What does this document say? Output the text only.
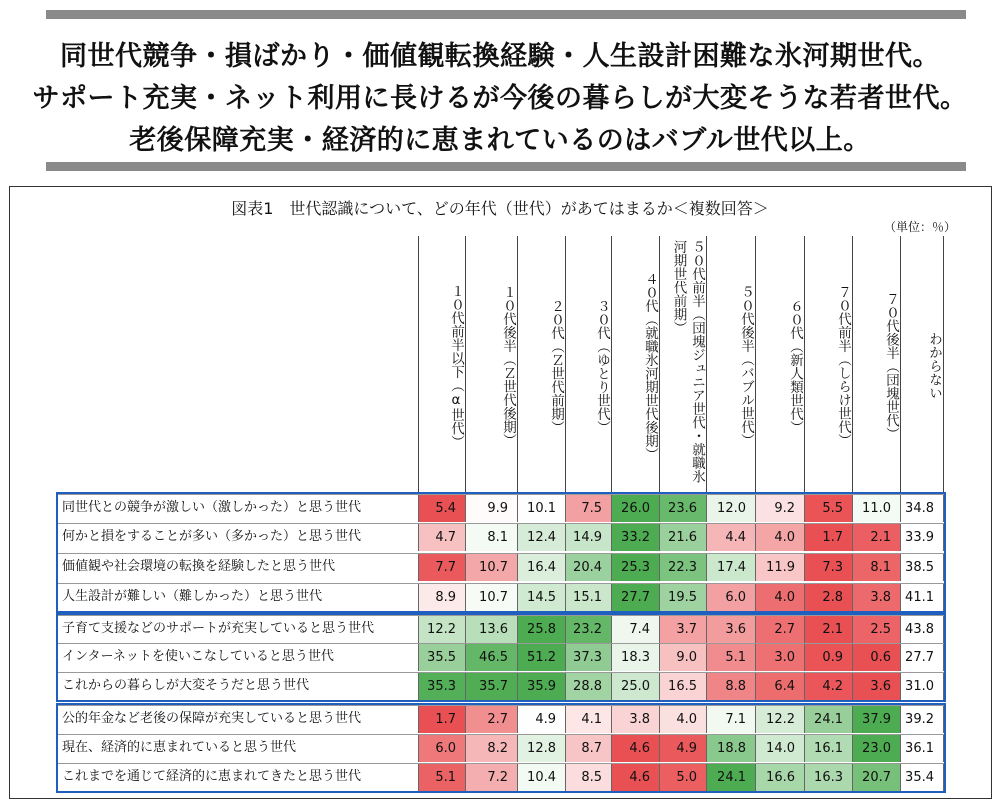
同世代競争・損ばかり・価値観転換経験・人生設計困難な氷河期世代。
サポート充実・ネット利用に長けるが今後の暮らしが大変そうな若者世代。
老後保障充実・経済的に恵まれているのはバブル世代以上。
図表1　世代認識について、どの年代（世代）があてはまるか＜複数回答＞
（単位：％）
１０代前半以下（α世代）	１０代後半（Ｚ世代後期）	２０代（Ｚ世代前期）	３０代（ゆとり世代）	４０代（就職氷河期世代後期）	５０代前半（団塊ジュニア世代・就職氷河期世代前期）	５０代後半（バブル世代）	６０代（新人類世代）	７０代前半（しらけ世代）	７０代後半（団塊世代）	わからない
同世代との競争が激しい（激しかった）と思う世代	5.4	9.9	10.1	7.5	26.0	23.6	12.0	9.2	5.5	11.0	34.8
何かと損をすることが多い（多かった）と思う世代	4.7	8.1	12.4	14.9	33.2	21.6	4.4	4.0	1.7	2.1	33.9
価値観や社会環境の転換を経験したと思う世代	7.7	10.7	16.4	20.4	25.3	22.3	17.4	11.9	7.3	8.1	38.5
人生設計が難しい（難しかった）と思う世代	8.9	10.7	14.5	15.1	27.7	19.5	6.0	4.0	2.8	3.8	41.1
子育て支援などのサポートが充実していると思う世代	12.2	13.6	25.8	23.2	7.4	3.7	3.6	2.7	2.1	2.5	43.8
インターネットを使いこなしていると思う世代	35.5	46.5	51.2	37.3	18.3	9.0	5.1	3.0	0.9	0.6	27.7
これからの暮らしが大変そうだと思う世代	35.3	35.7	35.9	28.8	25.0	16.5	8.8	6.4	4.2	3.6	31.0
公的年金など老後の保障が充実していると思う世代	1.7	2.7	4.9	4.1	3.8	4.0	7.1	12.2	24.1	37.9	39.2
現在、経済的に恵まれていると思う世代	6.0	8.2	12.8	8.7	4.6	4.9	18.8	14.0	16.1	23.0	36.1
これまでを通じて経済的に恵まれてきたと思う世代	5.1	7.2	10.4	8.5	4.6	5.0	24.1	16.6	16.3	20.7	35.4
